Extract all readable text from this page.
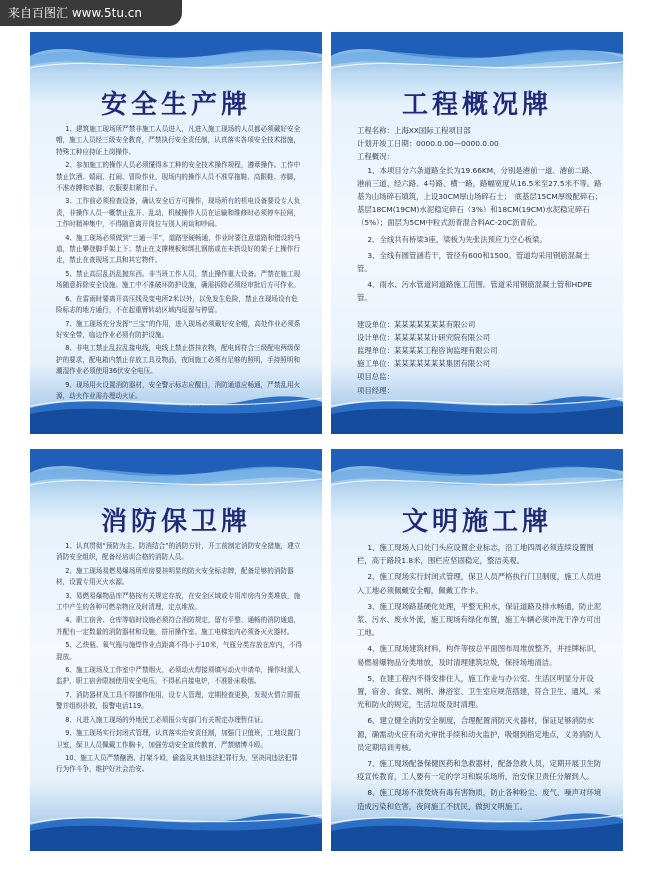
来自百图汇 www.5tu.cn
安全生产牌

1、建筑施工现场所严禁非施工人员进入，凡进入施工现场的人员都必须戴好安全帽，施工人员经三级安全教育，严禁执行安全责任制，认真落实各项安全技术措施，特殊工种应持证上岗操作。

2、参加施工的操作人员必须懂得本工种的安全技术操作规程，遵章操作。工作中禁止饮酒、嬉闹、打闹、冒险作业，现场内的操作人员不准穿拖鞋、高跟鞋、赤脚，不准赤膊和赤脚，衣服要扣紧扣子。

3、工作前必须检查设备，确认安全后方可操作，现场所有的机电设备要设专人负责，非操作人员一概禁止乱开、乱动，机械操作人员在运输和维修时必须停车拉闸，工作时精神集中，不得随意离开岗位与别人闲谈和吵闹。

4、施工现场必须做到“三通一平”，道路坚硬畅通，作业时要注意道路和错设的马道，禁止攀登脚手架上下；禁止在支撑模板和绑扎钢筋或在未搭设好的架子上操作行走，禁止在查现场工具和其它物件。

5、禁止高层乱扔乱抛东西。非当班工作人员，禁止操作重大设备。严禁在施工现场随意拆除安全设施。施工中不准破坏防护设施，确需拆除必须经审批后方可作业。

6、在雷雨时要离开高压线及变电所2米以外，以免发生危险，禁止在现场设有危险标志的地方通行，不在起重臂转动区域内逗留与停留。

7、施工现场充分发挥“三宝”的作用，进入现场必须戴好安全帽，高处作业必须系好安全带，临边作业必须有防护设施。

8、非电工禁止乱拉乱接电线，电线上禁止搭挂衣物，配电间符合三级配电两级保护的要求，配电箱内禁止存放工具及物品，夜间施工必须有足够的照明，手持照明和潮湿作业必须使用36伏安全电压。

9、现场用火设置消防器材，安全警示标志应醒目，消防通道应畅通，严禁乱用火源，动火作业需办理动火证。

工程概况牌

工程名称：上海XX国际工程项目部

计划开竣工日期：0000.0.00—0000.0.00

工程概况：

1、本项目分六条道路全长为19.66KM，分别是港前一道、港前二路、港前三道、经六路、4号路、横一路，路幅宽度从16.5米至27.5米不等。路基为山场碎石填筑，上设30CM厚山场碎石士；　底基层15CM厚级配碎石；基层18CM(19CM)水泥稳定碎石（3%）和18CM(19CM)水泥稳定碎石（5%）；面层为5CM中粒式沥青混合料AC-20C沥青砼。

2、全线共有桥梁3座，梁板为先张法预应力空心板梁。

3、全线有圆管涵若干，管径有600和1500。管道均采用钢筋混凝土管。

4、雨水、污水管道同道路施工范围。管道采用钢筋混凝土管和HDPE管。

建设单位：某某某某某某某有限公司

设计单位：某某某某某计研究院有限公司

监理单位：某某某某工程咨询监理有限公司

施工单位：某某某某某某某集团有限公司

项目总监：

项目经理：

消防保卫牌

1、认真贯彻“预防为主、防消结合”的消防方针，开工前制定消防安全措施，建立消防安全组织，配备经培训合格的消防人员。

2、施工现场易燃易爆场所库房要挂明显的防火安全标志牌，配备足够的消防器材，设置专用灭火水源。

3、易燃易爆物品库严格按有关规定存放，在安全区域或专用库房内分类堆放，施工中产生的各种可燃杂物应及时清理，定点堆放。

4、职工宿舍、仓库等临时设施必须符合消防规定，留有平整、通畅的消防通道，并配有一定数量的消防器材和设施，搭吊操作室、施工电梯室内必须备灭火器材。

5、乙炔瓶、氧气瓶与施焊作业点距离不得小于10米，气瓶分类存放在库内，不得混放。

6、施工现场及工作室中严禁烟火，必须动火焊接须填写动火申请单，操作时派人监护，职工宿舍限制使用安全电压，不得私自接电炉，不准卧床吸烟。

7、消防器材及工具不得挪作他用，设专人管理，定期检查更换，发现火情立即报警并组织扑救，报警电话119。

8、凡进入施工现场的外地民工必须报公安部门有关规定办理暂住证。

9、施工现场实行封闭式管理，认真落实治安责任制，加强门卫值班，工地设置门卫室，保卫人员佩戴工作胸卡，加强劳动安全宣传教育，严禁赌博斗殴。

10、施工人员严禁酗酒、打架斗殴，偷盗及其他违法犯罪行为，坚决同违法犯罪行为作斗争，维护好社会治安。

文明施工牌

1、施工现场入口处门头应设置企业标志，沿工地四周必须连续设置围栏，高于路段1.8米，围栏应坚固稳定，整洁美观。

2、施工现场实行封闭式管理，保卫人员严格执行门卫制度，施工人员进入工地必须佩戴安全帽，佩戴工作卡。

3、施工现场路基硬化处理，平整无积水，保证道路及排水畅通，防止泥浆、污水、废水外流，施工现场有绿化布置，施工车辆必须冲洗干净方可出工地。

4、施工现场建筑材料，构件等按总平面图布局堆放整齐，并挂牌标识，易燃易爆物品分类堆放，及时清理建筑垃圾，保持场地清洁。

5、在建工程内不得安排住人，施工作业与办公室、生活区明显分开设置，宿舍、食堂、厕所、淋浴室、卫生室应规范搭建，符合卫生、通风、采光和防火的规定，生活垃圾及时清理。

6、建立健全消防安全制度，合理配置消防灭火器材，保证足够消防水源，确需动火应有动火审批手续和动火监护，吸烟到指定地点，义务消防人员定期培训考核。

7、施工现场配备保健医药和急救器材，配备急救人员，定期开展卫生防疫宣传教育，工人要有一定的学习和娱乐场所，治安保卫责任分解到人。

8、施工现场不准焚烧有毒有害物质，防止各种粉尘、废气、噪声对环境造成污染和危害，夜间施工不扰民，做到文明施工。
